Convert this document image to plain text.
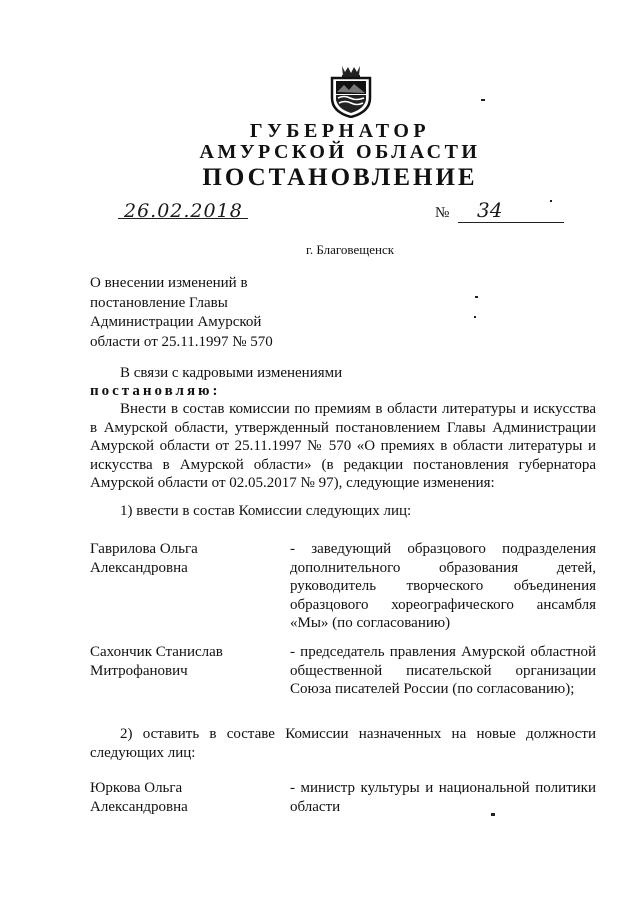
ГУБЕРНАТОР
АМУРСКОЙ ОБЛАСТИ
ПОСТАНОВЛЕНИЕ
26.02.2018	№ 34
г. Благовещенск
О внесении изменений в
постановление Главы
Администрации Амурской
области от 25.11.1997 № 570
В связи с кадровыми изменениями
постановляю:
Внести в состав комиссии по премиям в области литературы и искусства в Амурской области, утвержденный постановлением Главы Администрации Амурской области от 25.11.1997 № 570 «О премиях в области литературы и искусства в Амурской области» (в редакции постановления губернатора Амурской области от 02.05.2017 № 97), следующие изменения:
1) ввести в состав Комиссии следующих лиц:
Гаврилова Ольга Александровна
- заведующий образцового подразделения дополнительного образования детей, руководитель творческого объединения образцового хореографического ансамбля «Мы» (по согласованию)
Сахончик Станислав Митрофанович
- председатель правления Амурской областной общественной писательской организации Союза писателей России (по согласованию);
2) оставить в составе Комиссии назначенных на новые должности следующих лиц:
Юркова Ольга Александровна
- министр культуры и национальной политики области
